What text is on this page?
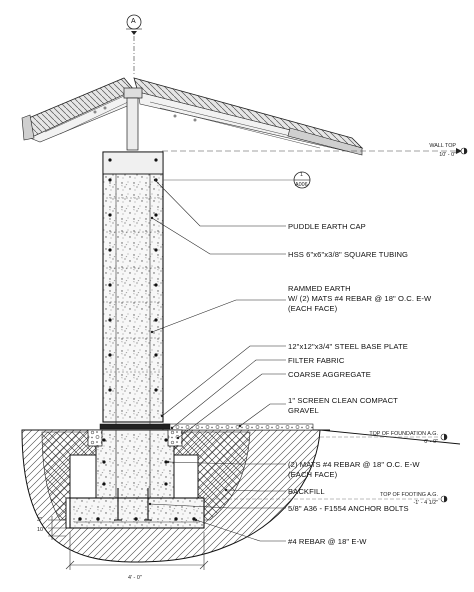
A
1
A006
WALL TOP
10' - 0"
TOP OF FOUNDATION A.G.
0' - 0"
TOP OF FOOTING A.G.
-1' - 4 1/2"
PUDDLE EARTH CAP
HSS 6"x6"x3/8" SQUARE TUBING
RAMMED EARTH
W/ (2) MATS #4 REBAR @ 18" O.C. E-W
(EACH FACE)
12"x12"x3/4" STEEL BASE PLATE
FILTER FABRIC
COARSE AGGREGATE
1" SCREEN CLEAN COMPACT
GRAVEL
(2) MATS #4 REBAR @ 18" O.C. E-W
(EACH FACE)
BACKFILL
5/8" A36 - F1554 ANCHOR BOLTS
#4 REBAR @ 18" E-W
4' - 0"
3"
10"
